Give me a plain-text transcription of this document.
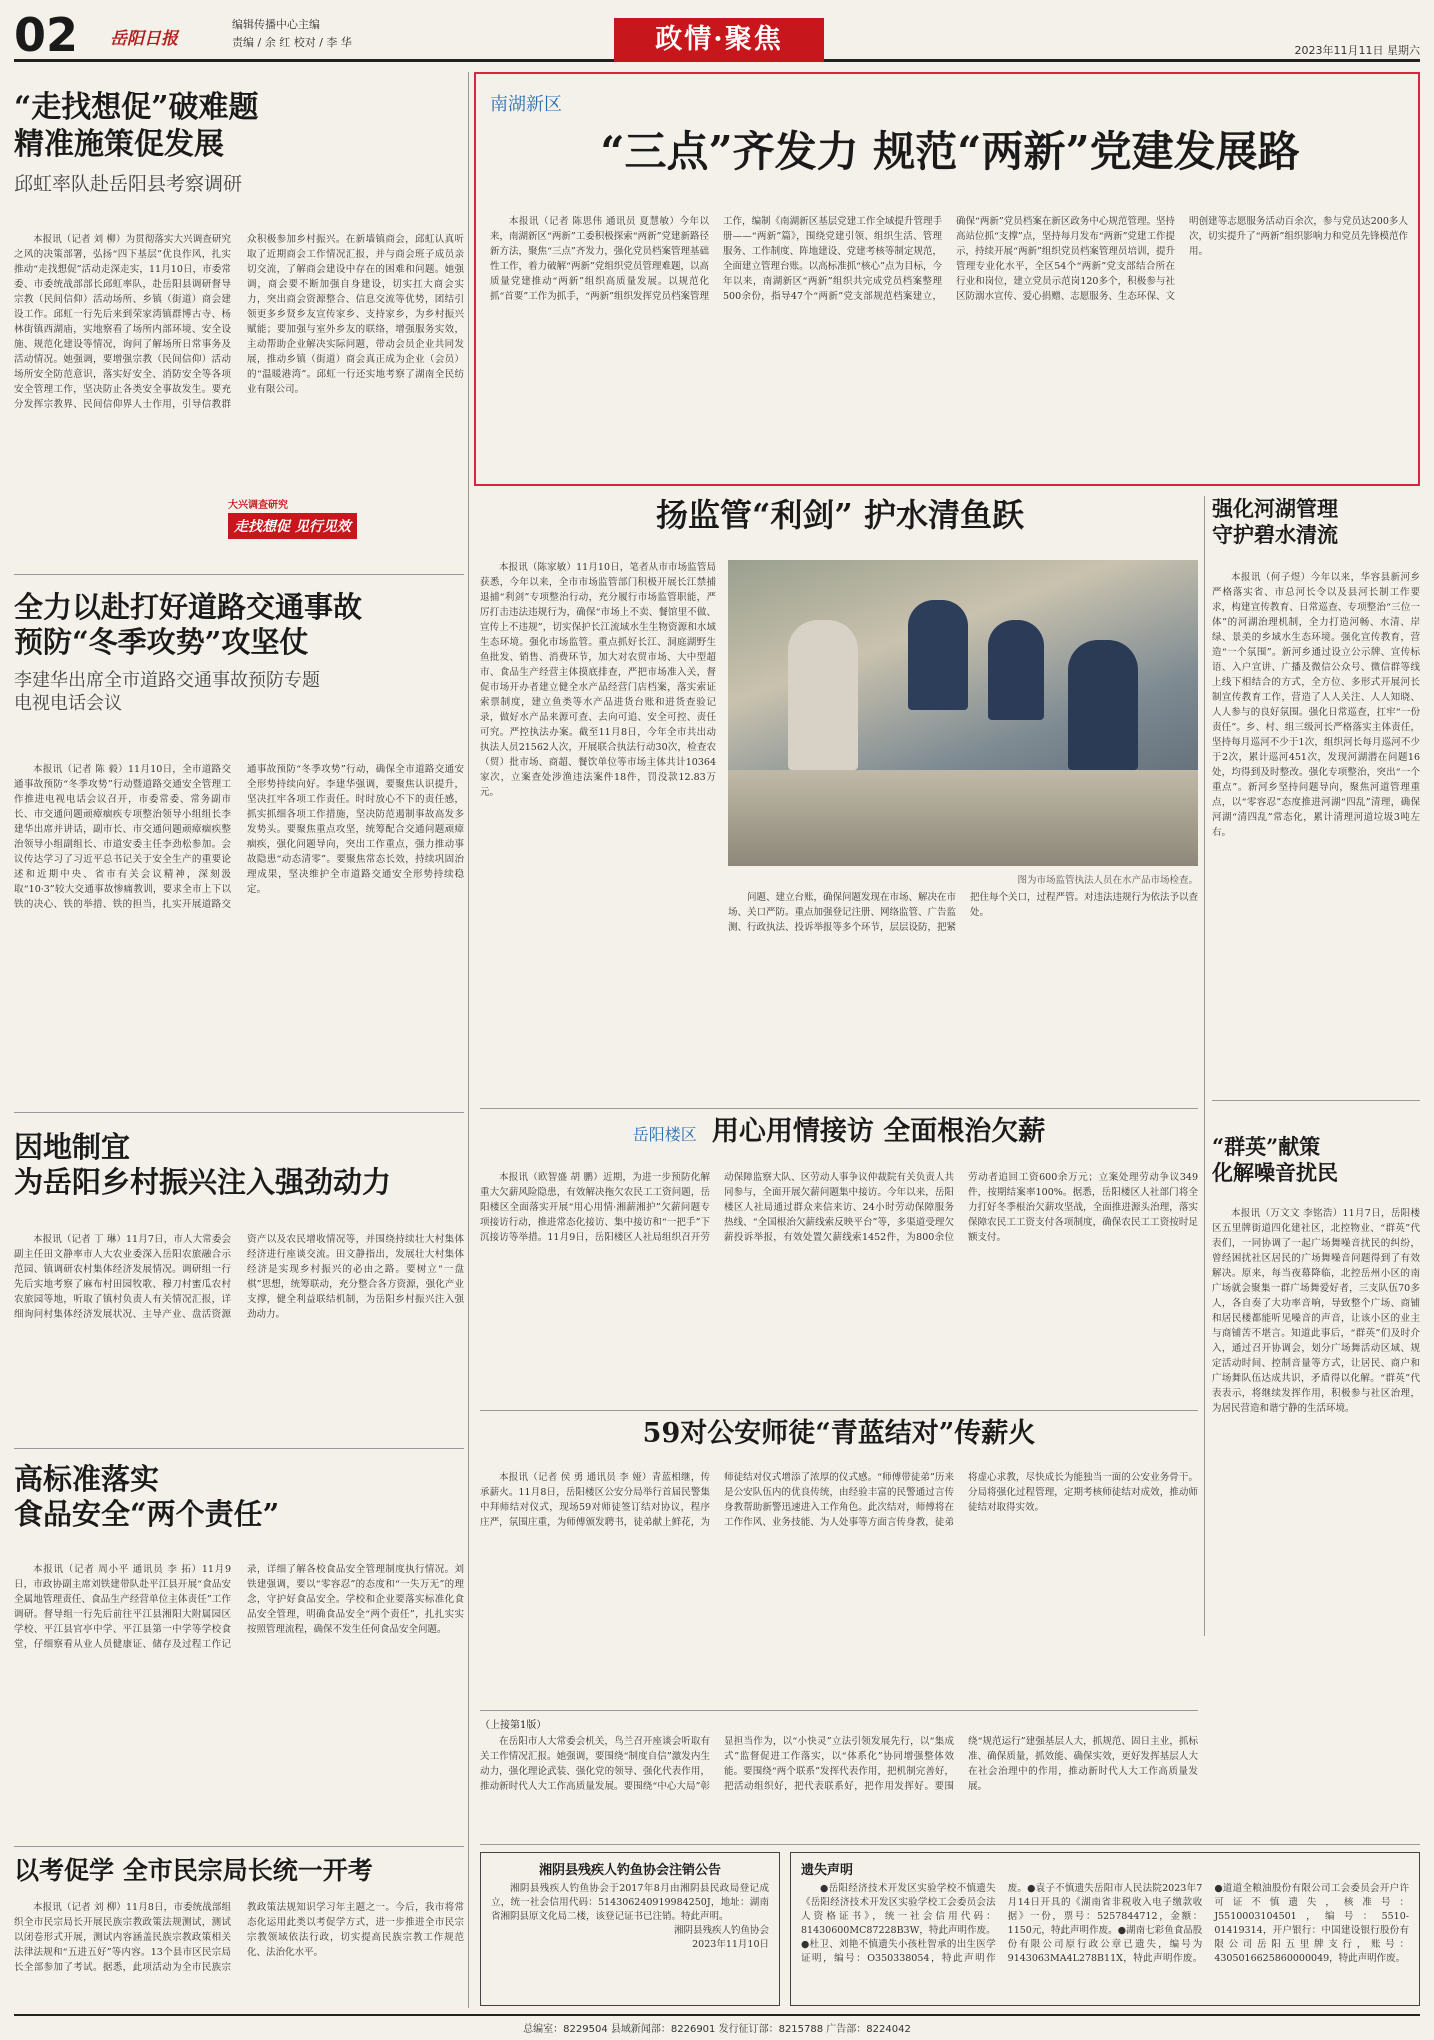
02 岳阳日报
编辑传播中心主编
责编 / 余 红 校对 / 李 华	政情·聚焦	2023年11月11日 星期六
“走找想促”破难题
精准施策促发展
邱虹率队赴岳阳县考察调研

本报讯（记者 刘 柳）为贯彻落实大兴调查研究之风的决策部署，弘扬“四下基层”优良作风，扎实推动“走找想促”活动走深走实，11月10日，市委常委、市委统战部部长邱虹率队，赴岳阳县调研督导宗教（民间信仰）活动场所、乡镇（街道）商会建设工作。邱虹一行先后来到荣家湾镇群博古寺、杨林街镇西湖庙，实地察看了场所内部环境、安全设施、规范化建设等情况，询问了解场所日常事务及活动情况。她强调，要增强宗教（民间信仰）活动场所安全防范意识，落实好安全、消防安全等各项安全管理工作，坚决防止各类安全事故发生。要充分发挥宗教界、民间信仰界人士作用，引导信教群众积极参加乡村振兴。在新墙镇商会，邱虹认真听取了近期商会工作情况汇报，并与商会班子成员亲切交流，了解商会建设中存在的困难和问题。她强调，商会要不断加强自身建设，切实扛大商会实力，突出商会资源整合、信息交流等优势，团结引领更多乡贤乡友宣传家乡、支持家乡，为乡村振兴赋能；要加强与室外乡友的联络，增强服务实效，主动帮助企业解决实际问题，带动会员企业共同发展，推动乡镇（街道）商会真正成为企业（会员）的“温暖港湾”。邱虹一行还实地考察了湖南全民纺业有限公司。

大兴调查研究
走找想促 见行见效
全力以赴打好道路交通事故
预防“冬季攻势”攻坚仗
李建华出席全市道路交通事故预防专题
电视电话会议

本报讯（记者 陈 毅）11月10日，全市道路交通事故预防“冬季攻势”行动暨道路交通安全管理工作推进电视电话会议召开，市委常委、常务副市长、市交通问题顽瘴痼疾专项整治领导小组组长李建华出席并讲话，副市长、市交通问题顽瘴痼疾整治领导小组副组长、市道安委主任李劲松参加。会议传达学习了习近平总书记关于安全生产的重要论述和近期中央、省市有关会议精神，深刻汲取“10·3”较大交通事故惨痛教训，要求全市上下以铁的决心、铁的举措、铁的担当，扎实开展道路交通事故预防“冬季攻势”行动，确保全市道路交通安全形势持续向好。李建华强调，要聚焦认识提升，坚决扛牢各项工作责任。时时放心不下的责任感，抓实抓细各项工作措施，坚决防范遏制事故高发多发势头。要聚焦重点攻坚，统筹配合交通问题顽瘴痼疾，强化问题导向，突出工作重点，强力推动事故隐患“动态清零”。要聚焦常态长效，持续巩固治理成果，坚决维护全市道路交通安全形势持续稳定。

因地制宜
为岳阳乡村振兴注入强劲动力

本报讯（记者 丁 琳）11月7日，市人大常委会副主任田文静率市人大农业委深入岳阳农旅融合示范园、镇调研农村集体经济发展情况。调研组一行先后实地考察了麻布村田园牧歌、穆刀村蜜瓜农村农旅园等地，听取了镇村负责人有关情况汇报，详细询问村集体经济发展状况、主导产业、盘活资源资产以及农民增收情况等，并围绕持续壮大村集体经济进行座谈交流。田文静指出，发展壮大村集体经济是实现乡村振兴的必由之路。要树立“一盘棋”思想，统筹联动，充分整合各方资源，强化产业支撑，健全利益联结机制，为岳阳乡村振兴注入强劲动力。

高标准落实
食品安全“两个责任”

本报讯（记者 周小平 通讯员 李 拓）11月9日，市政协副主席刘铁建带队赴平江县开展“食品安全属地管理责任、食品生产经营单位主体责任”工作调研。督导组一行先后前往平江县湘阳大附属园区学校、平江县官亭中学、平江县第一中学等学校食堂，仔细察看从业人员健康证、储存及过程工作记录，详细了解各校食品安全管理制度执行情况。刘铁建强调，要以“零容忍”的态度和“一失万无”的理念，守护好食品安全。学校和企业要落实标准化食品安全管理，明确食品安全“两个责任”，扎扎实实按照管理流程，确保不发生任何食品安全问题。

以考促学 全市民宗局长统一开考

本报讯（记者 刘 柳）11月8日，市委统战部组织全市民宗局长开展民族宗教政策法规测试，测试以闭卷形式开展，测试内容涵盖民族宗教政策相关法律法规和“五进五好”等内容。13个县市区民宗局长全部参加了考试。据悉，此项活动为全市民族宗教政策法规知识学习年主题之一。今后，我市将常态化运用此类以考促学方式，进一步推进全市民宗宗教领域依法行政，切实提高民族宗教工作规范化、法治化水平。

南湖新区
“三点”齐发力 规范“两新”党建发展路

本报讯（记者 陈思伟 通讯员 夏慧敏）今年以来，南湖新区“两新”工委积极探索“两新”党建新路径新方法，聚焦“三点”齐发力，强化党员档案管理基础性工作，着力破解“两新”党组织党员管理难题，以高质量党建推动“两新”组织高质量发展。以规范化抓“首要”工作为抓手，“两新”组织发挥党员档案管理工作，编制《南湖新区基层党建工作全域提升管理手册——“两新”篇》，围绕党建引领、组织生活、管理服务、工作制度、阵地建设、党建考核等制定规范，全面建立管理台账。以高标准抓“核心”点为目标，今年以来，南湖新区“两新”组织共完成党员档案整理500余份，指导47个“两新”党支部规范档案建立，确保“两新”党员档案在新区政务中心规范管理。坚持高站位抓“支撑”点，坚持每月发布“两新”党建工作提示，持续开展“两新”组织党员档案管理员培训，提升管理专业化水平，全区54个“两新”党支部结合所在行业和岗位，建立党员示范岗120多个，积极参与社区防溺水宣传、爱心捐赠、志愿服务、生态环保、文明创建等志愿服务活动百余次，参与党员达200多人次，切实提升了“两新”组织影响力和党员先锋模范作用。

扬监管“利剑” 护水清鱼跃

本报讯（陈家敏）11月10日，笔者从市市场监管局获悉，今年以来，全市市场监管部门积极开展长江禁捕退捕“利剑”专项整治行动，充分履行市场监管职能，严厉打击违法违规行为，确保“市场上不卖、餐馆里不做、宣传上不违规”，切实保护长江流域水生生物资源和水域生态环境。强化市场监管。重点抓好长江、洞庭湖野生鱼批发、销售、消费环节，加大对农贸市场、大中型超市、食品生产经营主体摸底排查，严把市场准入关，督促市场开办者建立健全水产品经营门店档案，落实索证索票制度，建立鱼类等水产品进货台账和进货查验记录，做好水产品来源可查、去向可追、安全可控、责任可究。严控执法办案。截至11月8日，今年全市共出动执法人员21562人次，开展联合执法行动30次，检查农（贸）批市场、商超、餐饮单位等市场主体共计10364家次，立案查处涉渔违法案件18件，罚没款12.83万元。

图为市场监管执法人员在水产品市场检查。

问题、建立台账，确保问题发现在市场、解决在市场、关口严防。重点加强登记注册、网络监管、广告监测、行政执法、投诉举报等多个环节，层层设防，把紧把住每个关口，过程严管。对违法违规行为依法予以查处。

强化河湖管理
守护碧水清流

本报讯（何子煜）今年以来，华容县新河乡严格落实省、市总河长令以及县河长制工作要求，构建宣传教育、日常巡查、专项整治“三位一体”的河湖治理机制，全力打造河畅、水清、岸绿、景美的乡域水生态环境。强化宣传教育，营造“一个氛围”。新河乡通过设立公示牌、宣传标语、入户宣讲、广播及微信公众号、微信群等线上线下相结合的方式，全方位、多形式开展河长制宣传教育工作，营造了人人关注、人人知晓、人人参与的良好氛围。强化日常巡查，扛牢“一份责任”。乡、村、组三级河长严格落实主体责任，坚持每月巡河不少于1次，组织河长每月巡河不少于2次，累计巡河451次，发现河湖潜在问题16处，均得到及时整改。强化专项整治，突出“一个重点”。新河乡坚持问题导向，聚焦河道管理重点，以“零容忍”态度推进河湖“四乱”清理，确保河湖“清四乱”常态化，累计清理河道垃圾3吨左右。

岳阳楼区 用心用情接访 全面根治欠薪

本报讯（欧智盛 胡 鹏）近期，为进一步预防化解重大欠薪风险隐患，有效解决拖欠农民工工资问题，岳阳楼区全面落实开展“用心用情·湘薪湘护”欠薪问题专项接访行动，推进常态化接访、集中接访和“一把手”下沉接访等举措。11月9日，岳阳楼区人社局组织召开劳动保障监察大队、区劳动人事争议仲裁院有关负责人共同参与，全面开展欠薪问题集中接访。今年以来，岳阳楼区人社局通过群众来信来访、24小时劳动保障服务热线、“全国根治欠薪线索反映平台”等，多渠道受理欠薪投诉举报，有效处置欠薪线索1452件，为800余位劳动者追回工资600余万元；立案处理劳动争议349件，按期结案率100%。据悉，岳阳楼区人社部门将全力打好冬季根治欠薪攻坚战，全面推进源头治理，落实保障农民工工资支付各项制度，确保农民工工资按时足额支付。

“群英”献策
化解噪音扰民

本报讯（万文文 李铭浩）11月7日，岳阳楼区五里牌街道四化建社区，北控物业、“群英”代表们，一同协调了一起广场舞噪音扰民的纠纷，曾经困扰社区居民的广场舞噪音问题得到了有效解决。原来，每当夜幕降临，北控岳州小区的南广场就会聚集一群广场舞爱好者，三支队伍70多人，各自奏了大功率音响，导致整个广场、商铺和居民楼都能听见噪音的声音，让该小区的业主与商铺苦不堪言。知道此事后，“群英”们及时介入，通过召开协调会，划分广场舞活动区域、规定活动时间、控制音量等方式，让居民、商户和广场舞队伍达成共识，矛盾得以化解。“群英”代表表示，将继续发挥作用，积极参与社区治理，为居民营造和谐宁静的生活环境。

59对公安师徒“青蓝结对”传薪火

本报讯（记者 侯 勇 通讯员 李 娅）青蓝相继，传承薪火。11月8日，岳阳楼区公安分局举行首届民警集中拜师结对仪式，现场59对师徒签订结对协议，程序庄严，氛围庄重，为师傅颁发聘书，徒弟献上鲜花，为师徒结对仪式增添了浓厚的仪式感。“师傅带徒弟”历来是公安队伍内的优良传统，由经验丰富的民警通过言传身教帮助新警迅速进入工作角色。此次结对，师傅将在工作作风、业务技能、为人处事等方面言传身教，徒弟将虚心求教，尽快成长为能独当一面的公安业务骨干。分局将强化过程管理，定期考核师徒结对成效，推动师徒结对取得实效。

（上接第1版）

在岳阳市人大常委会机关，鸟兰召开座谈会听取有关工作情况汇报。她强调，要围绕“制度自信”激发内生动力，强化理论武装、强化党的领导、强化代表作用，推动新时代人大工作高质量发展。要围绕“中心大局”彰显担当作为，以“小快灵”立法引领发展先行，以“集成式”监督促进工作落实，以“体系化”协同增强整体效能。要围绕“两个联系”发挥代表作用，把机制完善好，把活动组织好，把代表联系好，把作用发挥好。要围绕“规范运行”建强基层人大，抓规范、固日主业，抓标准、确保质量，抓效能、确保实效，更好发挥基层人大在社会治理中的作用，推动新时代人大工作高质量发展。

湘阴县残疾人钓鱼协会注销公告

湘阴县残疾人钓鱼协会于2017年8月由湘阴县民政局登记成立，统一社会信用代码：514306240919984250J，地址：湖南省湘阴县原文化局二楼，该登记证书已注销。特此声明。

湘阴县残疾人钓鱼协会
2023年11月10日
遗失声明

●岳阳经济技术开发区实验学校不慎遗失《岳阳经济技术开发区实验学校工会委员会法人资格证书》，统一社会信用代码：81430600MC87228B3W，特此声明作废。●杜卫、刘艳不慎遗失小孩杜智承的出生医学证明，编号：O350338054，特此声明作废。●袁子不慎遗失岳阳市人民法院2023年7月14日开具的《湖南省非税收入电子缴款收据》一份，票号：5257844712，金额：1150元，特此声明作废。●湖南七彩鱼食品股份有限公司原行政公章已遗失，编号为9143063MA4L278B11X，特此声明作废。●道道全粮油股份有限公司工会委员会开户许可证不慎遗失，核准号：J5510003104501，编号：5510-01419314，开户银行：中国建设银行股份有限公司岳阳五里牌支行，账号：4305016625860000049，特此声明作废。

总编室：8229504 县域新闻部：8226901 发行征订部：8215788 广告部：8224042
